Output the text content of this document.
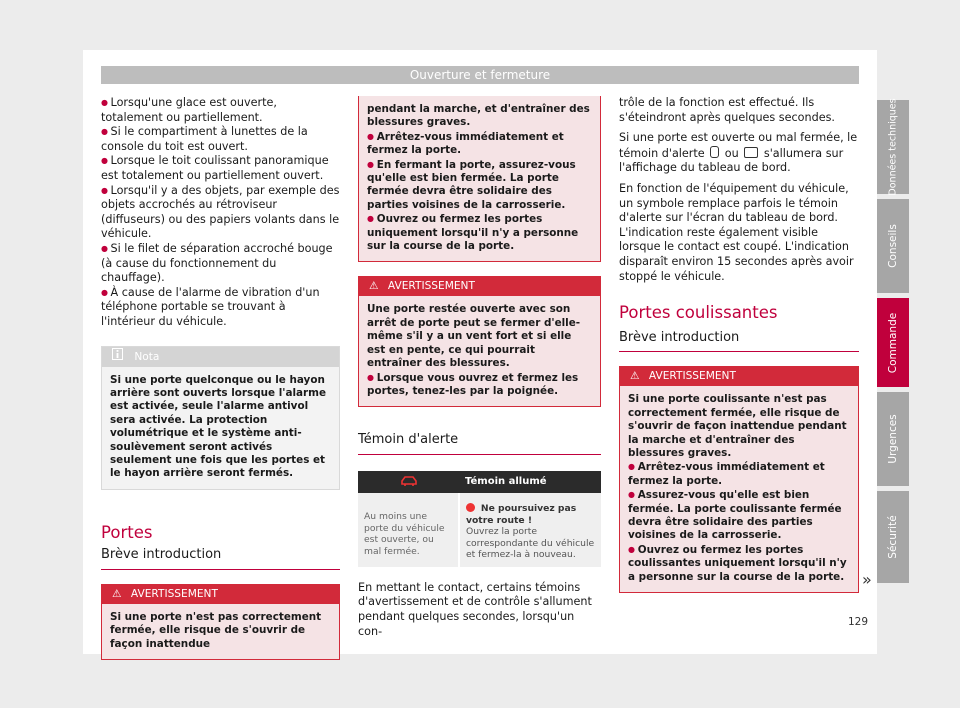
Ouverture et fermeture

● Lorsqu'une glace est ouverte, totalement ou partiellement.

● Si le compartiment à lunettes de la console du toit est ouvert.

● Lorsque le toit coulissant panoramique est totalement ou partiellement ouvert.

● Lorsqu'il y a des objets, par exemple des objets accrochés au rétroviseur (diffuseurs) ou des papiers volants dans le véhicule.

● Si le filet de séparation accroché bouge (à cause du fonctionnement du chauffage).

● À cause de l'alarme de vibration d'un téléphone portable se trouvant à l'intérieur du véhicule.

Nota
Si une porte quelconque ou le hayon arrière sont ouverts lorsque l'alarme est activée, seule l'alarme antivol sera activée. La protection volumétrique et le système anti-soulèvement seront activés seulement une fois que les portes et le hayon arrière seront fermés.
Portes
Brève introduction
⚠ AVERTISSEMENT
Si une porte n'est pas correctement fermée, elle risque de s'ouvrir de façon inattendue

pendant la marche, et d'entraîner des blessures graves.

● Arrêtez-vous immédiatement et fermez la porte.

● En fermant la porte, assurez-vous qu'elle est bien fermée. La porte fermée devra être solidaire des parties voisines de la carrosserie.

● Ouvrez ou fermez les portes uniquement lorsqu'il n'y a personne sur la course de la porte.

⚠ AVERTISSEMENT

Une porte restée ouverte avec son arrêt de porte peut se fermer d'elle-même s'il y a un vent fort et si elle est en pente, ce qui pourrait entraîner des blessures.

● Lorsque vous ouvrez et fermez les portes, tenez-les par la poignée.

Témoin d'alerte
	Témoin allumé
Au moins une porte du véhicule est ouverte, ou mal fermée.	Ne poursuivez pas votre route !
Ouvrez la porte correspondante du véhicule et fermez-la à nouveau.

En mettant le contact, certains témoins d'avertissement et de contrôle s'allument pendant quelques secondes, lorsqu'un con-

trôle de la fonction est effectué. Ils s'éteindront après quelques secondes.

Si une porte est ouverte ou mal fermée, le témoin d'alerte ou s'allumera sur l'affichage du tableau de bord.

En fonction de l'équipement du véhicule, un symbole remplace parfois le témoin d'alerte sur l'écran du tableau de bord. L'indication reste également visible lorsque le contact est coupé. L'indication disparaît environ 15 secondes après avoir stoppé le véhicule.

Portes coulissantes
Brève introduction
⚠ AVERTISSEMENT

Si une porte coulissante n'est pas correctement fermée, elle risque de s'ouvrir de façon inattendue pendant la marche et d'entraîner des blessures graves.

● Arrêtez-vous immédiatement et fermez la porte.

● Assurez-vous qu'elle est bien fermée. La porte coulissante fermée devra être solidaire des parties voisines de la carrosserie.

● Ouvrez ou fermez les portes coulissantes uniquement lorsqu'il n'y a personne sur la course de la porte.	»
Données techniques
Conseils
Commande
Urgences
Sécurité
129
